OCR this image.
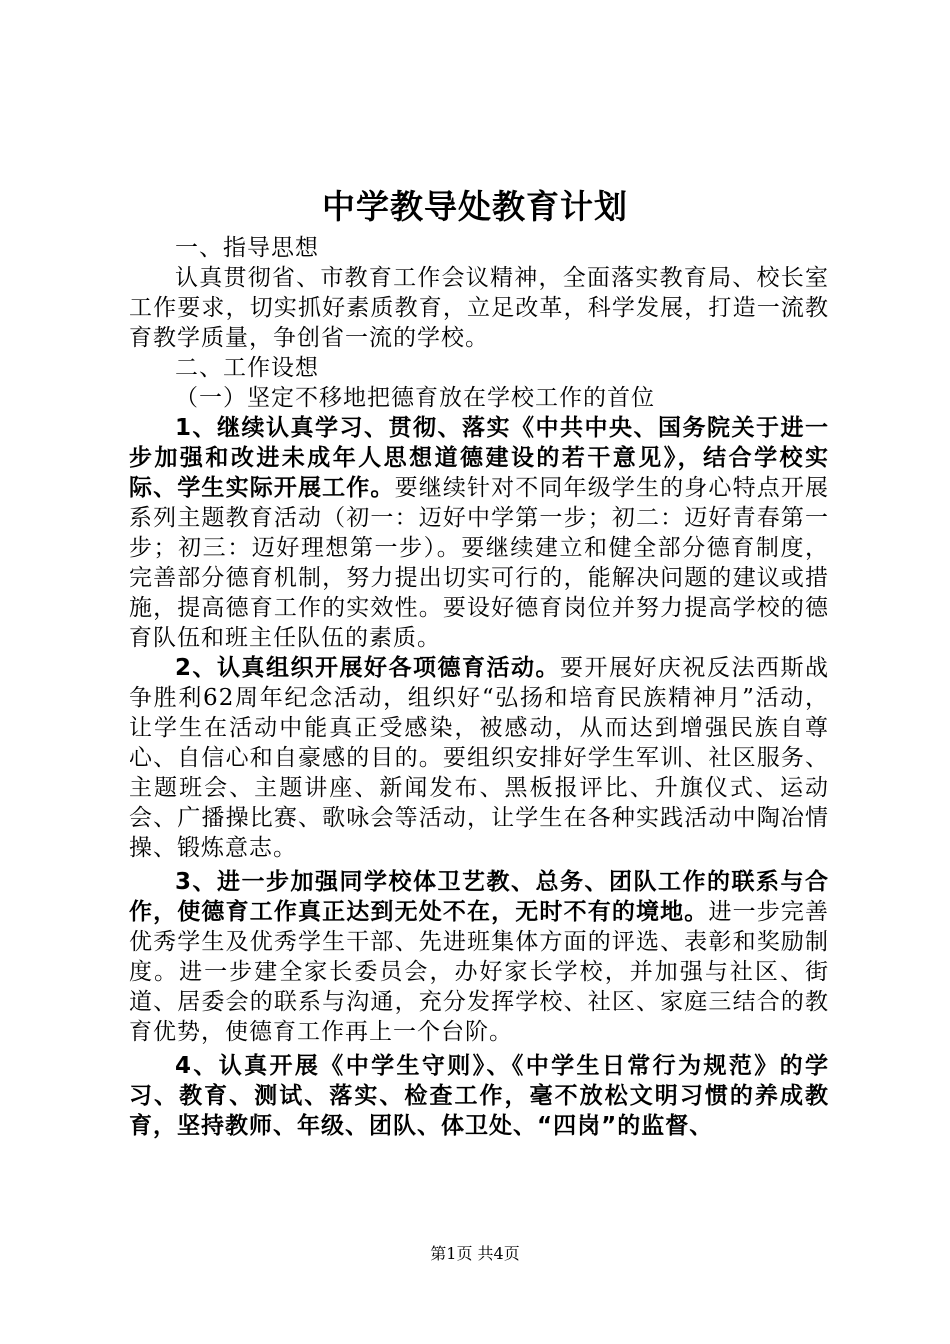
中学教导处教育计划

一、指导思想

认真贯彻省、市教育工作会议精神，全面落实教育局、校长室工作要求，切实抓好素质教育，立足改革，科学发展，打造一流教育教学质量，争创省一流的学校。

二、工作设想

（一）坚定不移地把德育放在学校工作的首位

1、继续认真学习、贯彻、落实《中共中央、国务院关于进一步加强和改进未成年人思想道德建设的若干意见》，结合学校实际、学生实际开展工作。要继续针对不同年级学生的身心特点开展系列主题教育活动（初一：迈好中学第一步；初二：迈好青春第一步；初三：迈好理想第一步）。要继续建立和健全部分德育制度，完善部分德育机制，努力提出切实可行的，能解决问题的建议或措施，提高德育工作的实效性。要设好德育岗位并努力提高学校的德育队伍和班主任队伍的素质。

2、认真组织开展好各项德育活动。要开展好庆祝反法西斯战争胜利62周年纪念活动，组织好“弘扬和培育民族精神月”活动，让学生在活动中能真正受感染，被感动，从而达到增强民族自尊心、自信心和自豪感的目的。要组织安排好学生军训、社区服务、主题班会、主题讲座、新闻发布、黑板报评比、升旗仪式、运动会、广播操比赛、歌咏会等活动，让学生在各种实践活动中陶冶情操、锻炼意志。

3、进一步加强同学校体卫艺教、总务、团队工作的联系与合作，使德育工作真正达到无处不在，无时不有的境地。进一步完善优秀学生及优秀学生干部、先进班集体方面的评选、表彰和奖励制度。进一步建全家长委员会，办好家长学校，并加强与社区、街道、居委会的联系与沟通，充分发挥学校、社区、家庭三结合的教育优势，使德育工作再上一个台阶。

4、认真开展《中学生守则》、《中学生日常行为规范》的学习、教育、测试、落实、检查工作，毫不放松文明习惯的养成教育，坚持教师、年级、团队、体卫处、“四岗”的监督、

第1页 共4页
